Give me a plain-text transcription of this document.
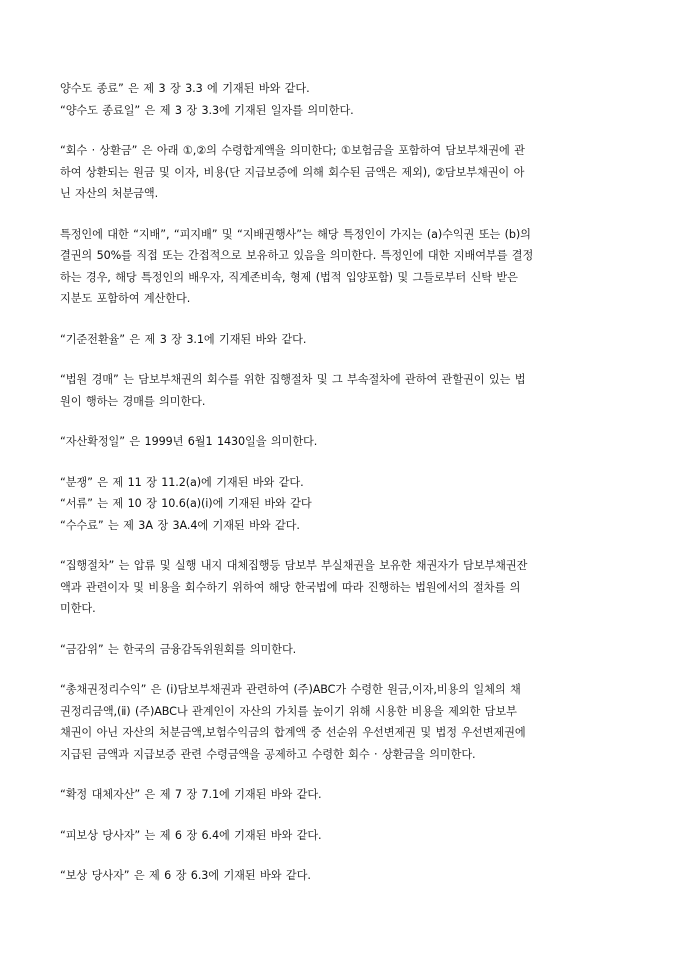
양수도 종료” 은 제 3 장 3.3 에 기재된 바와 같다.
“양수도 종료일” 은 제 3 장 3.3에 기재된 일자를 의미한다.

“회수 · 상환금” 은 아래 ①,②의 수령합계액을 의미한다; ①보험금을 포함하여 담보부채권에 관
하여 상환되는 원금 및 이자, 비용(단 지급보증에 의해 회수된 금액은 제외), ②담보부채권이 아
닌 자산의 처분금액.

특정인에 대한 “지배”, “피지배” 및 “지배권행사”는 해당 특정인이 가지는 (a)수익권 또는 (b)의
결권의 50%를 직접 또는 간접적으로 보유하고 있음을 의미한다. 특정인에 대한 지배여부를 결정
하는 경우, 해당 특정인의 배우자, 직계존비속, 형제 (법적 입양포함) 및 그들로부터 신탁 받은
지분도 포함하여 계산한다.

“기준전환율” 은 제 3 장 3.1에 기재된 바와 같다.

“법원 경매” 는 담보부채권의 회수를 위한 집행절차 및 그 부속절차에 관하여 관할권이 있는 법
원이 행하는 경매를 의미한다.

“자산확정일” 은 1999년 6월1 1430일을 의미한다.

“분쟁” 은 제 11 장 11.2(a)에 기재된 바와 같다.
“서류” 는 제 10 장 10.6(a)(i)에 기재된 바와 같다
“수수료” 는 제 3A 장 3A.4에 기재된 바와 같다.

“집행절차” 는 압류 및 실행 내지 대체집행등 담보부 부실채권을 보유한 채권자가 담보부채권잔
액과 관련이자 및 비용을 회수하기 위하여 해당 한국법에 따라 진행하는 법원에서의 절차를 의
미한다.

“금감위” 는 한국의 금융감독위원회를 의미한다.

“총채권정리수익” 은 (ⅰ)담보부채권과 관련하여 (주)ABC가 수령한 원금,이자,비용의 일체의 채
권정리금액,(ⅱ) (주)ABC나 관계인이 자산의 가치를 높이기 위해 시용한 비용을 제외한 담보부
채권이 아닌 자산의 처분금액,보험수익금의 합계액 중 선순위 우선변제권 및 법정 우선변제권에
지급된 금액과 지급보증 관련 수령금액을 공제하고 수령한 회수 · 상환금을 의미한다.

“확정 대체자산” 은 제 7 장 7.1에 기재된 바와 같다.

“피보상 당사자” 는 제 6 장 6.4에 기재된 바와 같다.

“보상 당사자” 은 제 6 장 6.3에 기재된 바와 같다.
